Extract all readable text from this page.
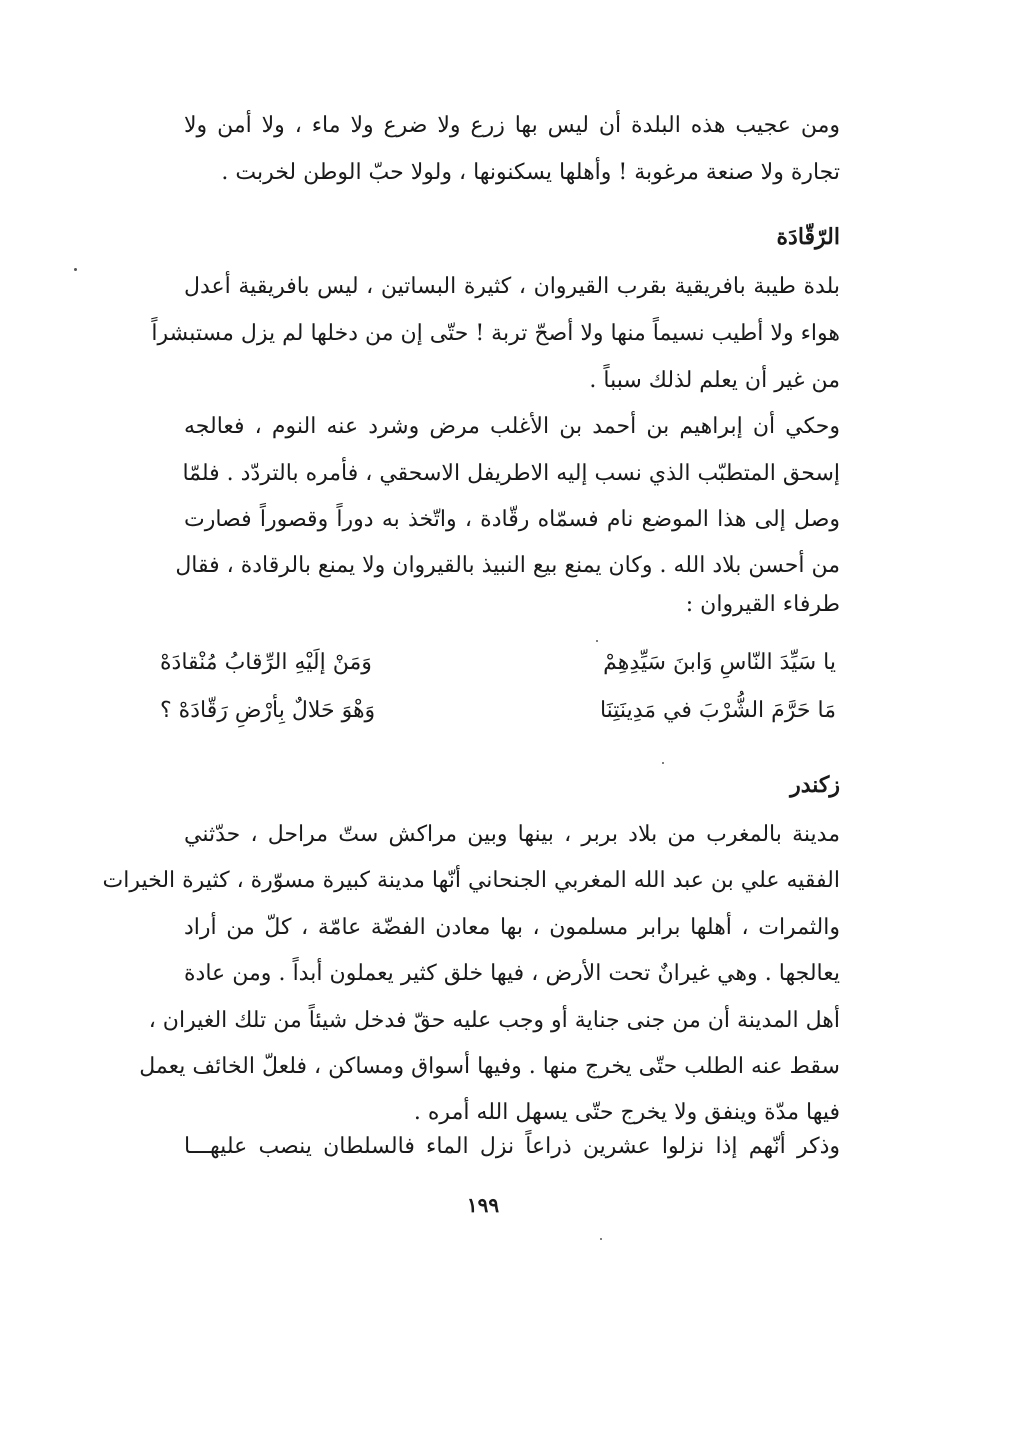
ومن عجيب هذه البلدة أن ليس بها زرع ولا ضرع ولا ماء ، ولا أمن ولا
تجارة ولا صنعة مرغوبة ! وأهلها يسكنونها ، ولولا حبّ الوطن لخربت .
الرّقّادَة
بلدة طيبة بافريقية بقرب القيروان ، كثيرة البساتين ، ليس بافريقية أعدل
هواء ولا أطيب نسيماً منها ولا أصحّ تربة ! حتّى إن من دخلها لم يزل مستبشراً
من غير أن يعلم لذلك سبباً .
وحكي أن إبراهيم بن أحمد بن الأغلب مرض وشرد عنه النوم ، فعالجه
إسحق المتطبّب الذي نسب إليه الاطريفل الاسحقي ، فأمره بالتردّد . فلمّا
وصل إلى هذا الموضع نام فسمّاه رقّادة ، واتّخذ به دوراً وقصوراً فصارت
من أحسن بلاد الله . وكان يمنع بيع النبيذ بالقيروان ولا يمنع بالرقادة ، فقال
طرفاء القيروان :
يا سَيِّدَ النّاسِ وَابنَ سَيِّدِهِمْ
وَمَنْ إلَيْهِ الرِّقابُ مُنْقادَهْ
مَا حَرَّمَ الشُّرْبَ في مَدِينَتِنَا
وَهْوَ حَلالٌ بِأرْضِ رَقّادَهْ ؟
زكندر
مدينة بالمغرب من بلاد بربر ، بينها وبين مراكش ستّ مراحل ، حدّثني
الفقيه علي بن عبد الله المغربي الجنحاني أنّها مدينة كبيرة مسوّرة ، كثيرة الخيرات
والثمرات ، أهلها برابر مسلمون ، بها معادن الفضّة عامّة ، كلّ من أراد
يعالجها . وهي غيرانٌ تحت الأرض ، فيها خلق كثير يعملون أبداً . ومن عادة
أهل المدينة أن من جنى جناية أو وجب عليه حقّ فدخل شيئاً من تلك الغيران ،
سقط عنه الطلب حتّى يخرج منها . وفيها أسواق ومساكن ، فلعلّ الخائف يعمل
فيها مدّة وينفق ولا يخرج حتّى يسهل الله أمره .
وذكر أنّهم إذا نزلوا عشرين ذراعاً نزل الماء فالسلطان ينصب عليهـــا
١٩٩
